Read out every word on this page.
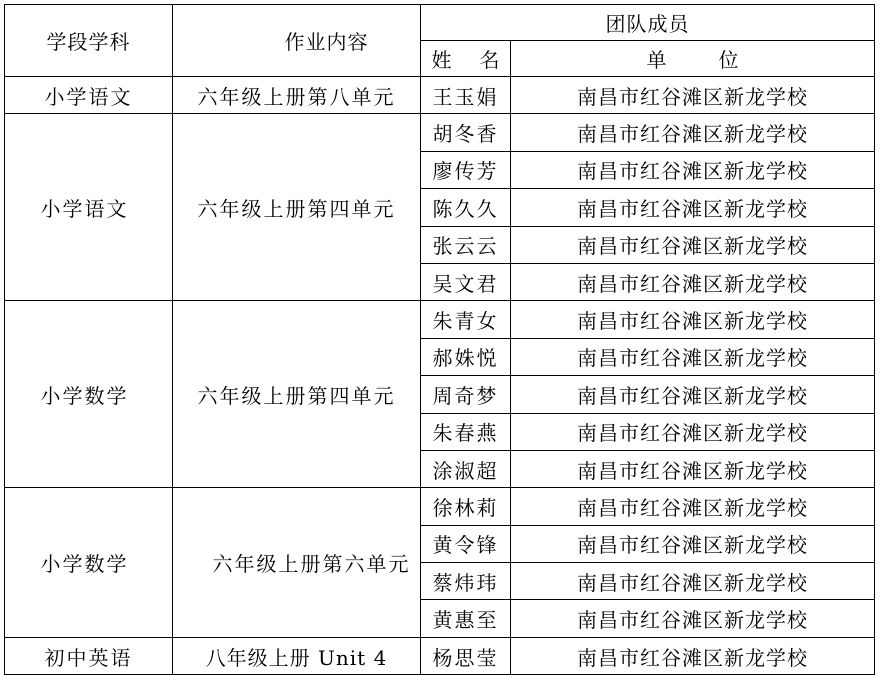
学段学科	作业内容	团队成员	
		姓 名	单 位
小学语文	六年级上册第八单元	王玉娟	南昌市红谷滩区新龙学校
小学语文	六年级上册第四单元	胡冬香	南昌市红谷滩区新龙学校
		廖传芳	南昌市红谷滩区新龙学校
		陈久久	南昌市红谷滩区新龙学校
		张云云	南昌市红谷滩区新龙学校
		吴文君	南昌市红谷滩区新龙学校
小学数学	六年级上册第四单元	朱青女	南昌市红谷滩区新龙学校
		郝姝悦	南昌市红谷滩区新龙学校
		周奇梦	南昌市红谷滩区新龙学校
		朱春燕	南昌市红谷滩区新龙学校
		涂淑超	南昌市红谷滩区新龙学校
小学数学	六年级上册第六单元	徐林莉	南昌市红谷滩区新龙学校
		黄令锋	南昌市红谷滩区新龙学校
		蔡炜玮	南昌市红谷滩区新龙学校
		黄惠至	南昌市红谷滩区新龙学校
初中英语	八年级上册 Unit 4	杨思莹	南昌市红谷滩区新龙学校
